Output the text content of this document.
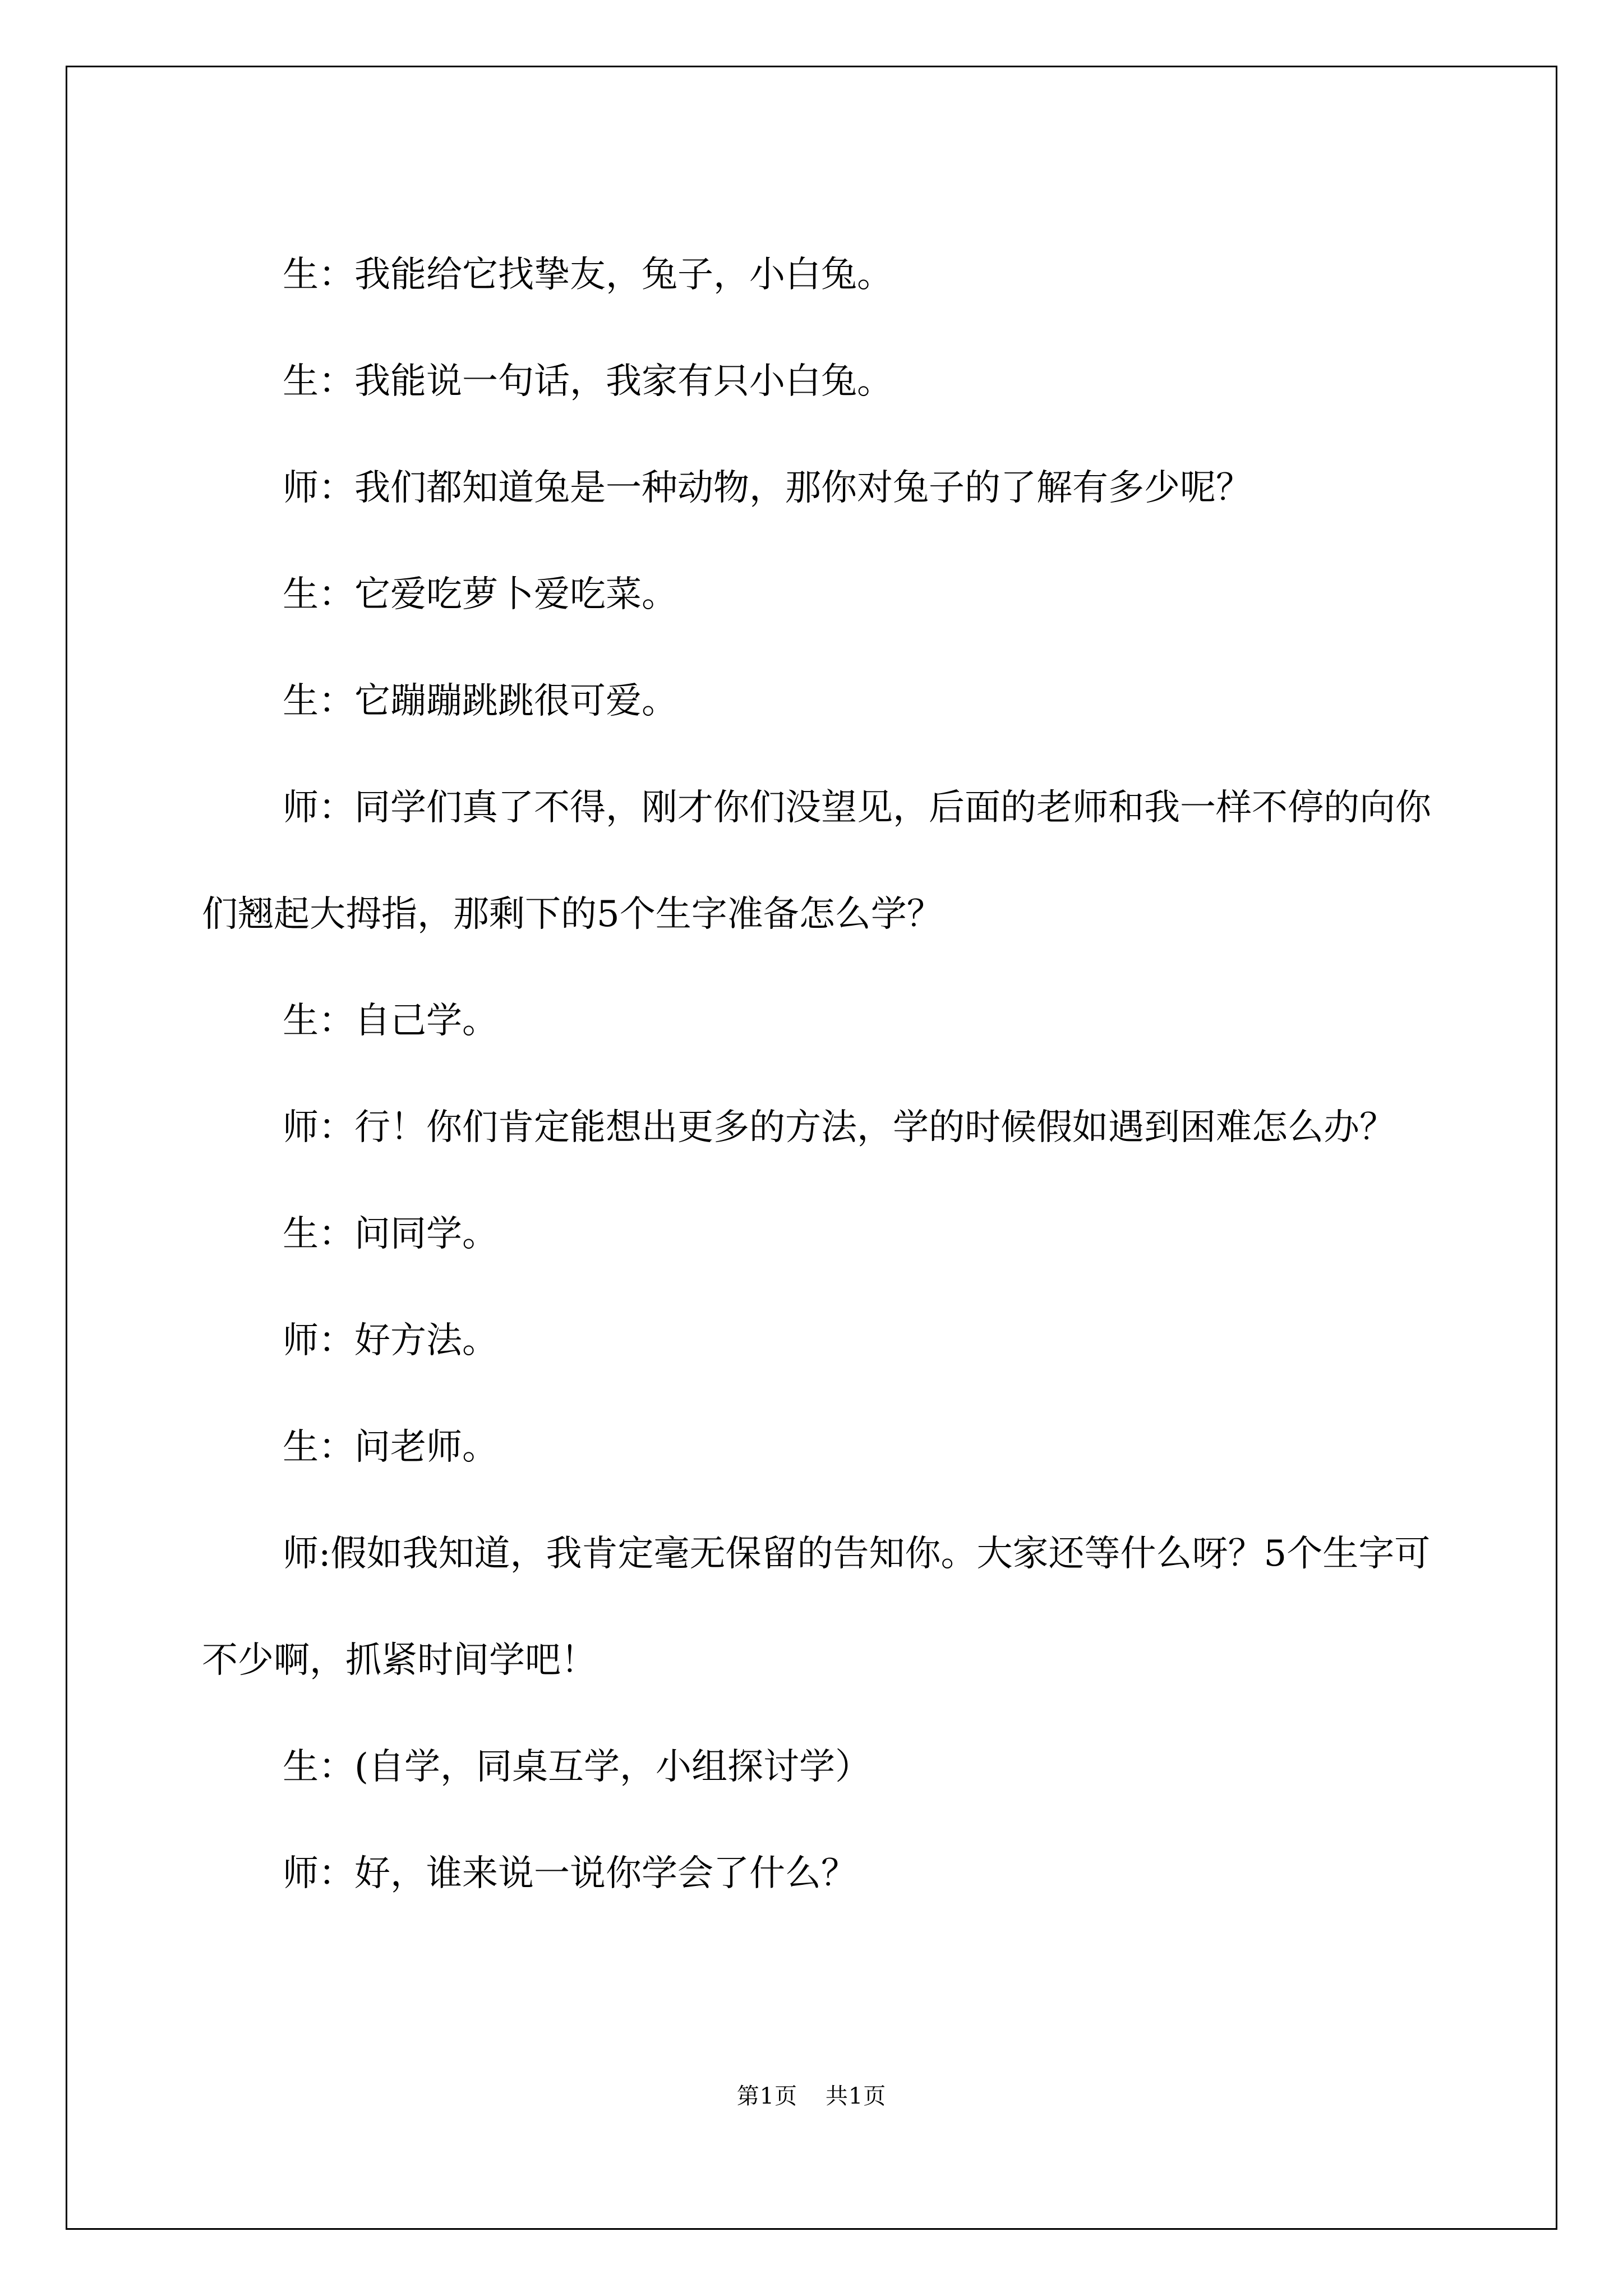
生：我能给它找挚友，兔子，小白兔。

生：我能说一句话，我家有只小白兔。

师：我们都知道兔是一种动物，那你对兔子的了解有多少呢？

生：它爱吃萝卜爱吃菜。

生：它蹦蹦跳跳很可爱。

师：同学们真了不得，刚才你们没望见，后面的老师和我一样不停的向你们翘起大拇指，那剩下的5个生字准备怎么学？

生：自己学。

师：行！你们肯定能想出更多的方法，学的时候假如遇到困难怎么办？

生：问同学。

师：好方法。

生：问老师。

师:假如我知道，我肯定毫无保留的告知你。大家还等什么呀？5个生字可不少啊，抓紧时间学吧！

生：(自学，同桌互学，小组探讨学）

师：好，谁来说一说你学会了什么？

第1页 共1页
